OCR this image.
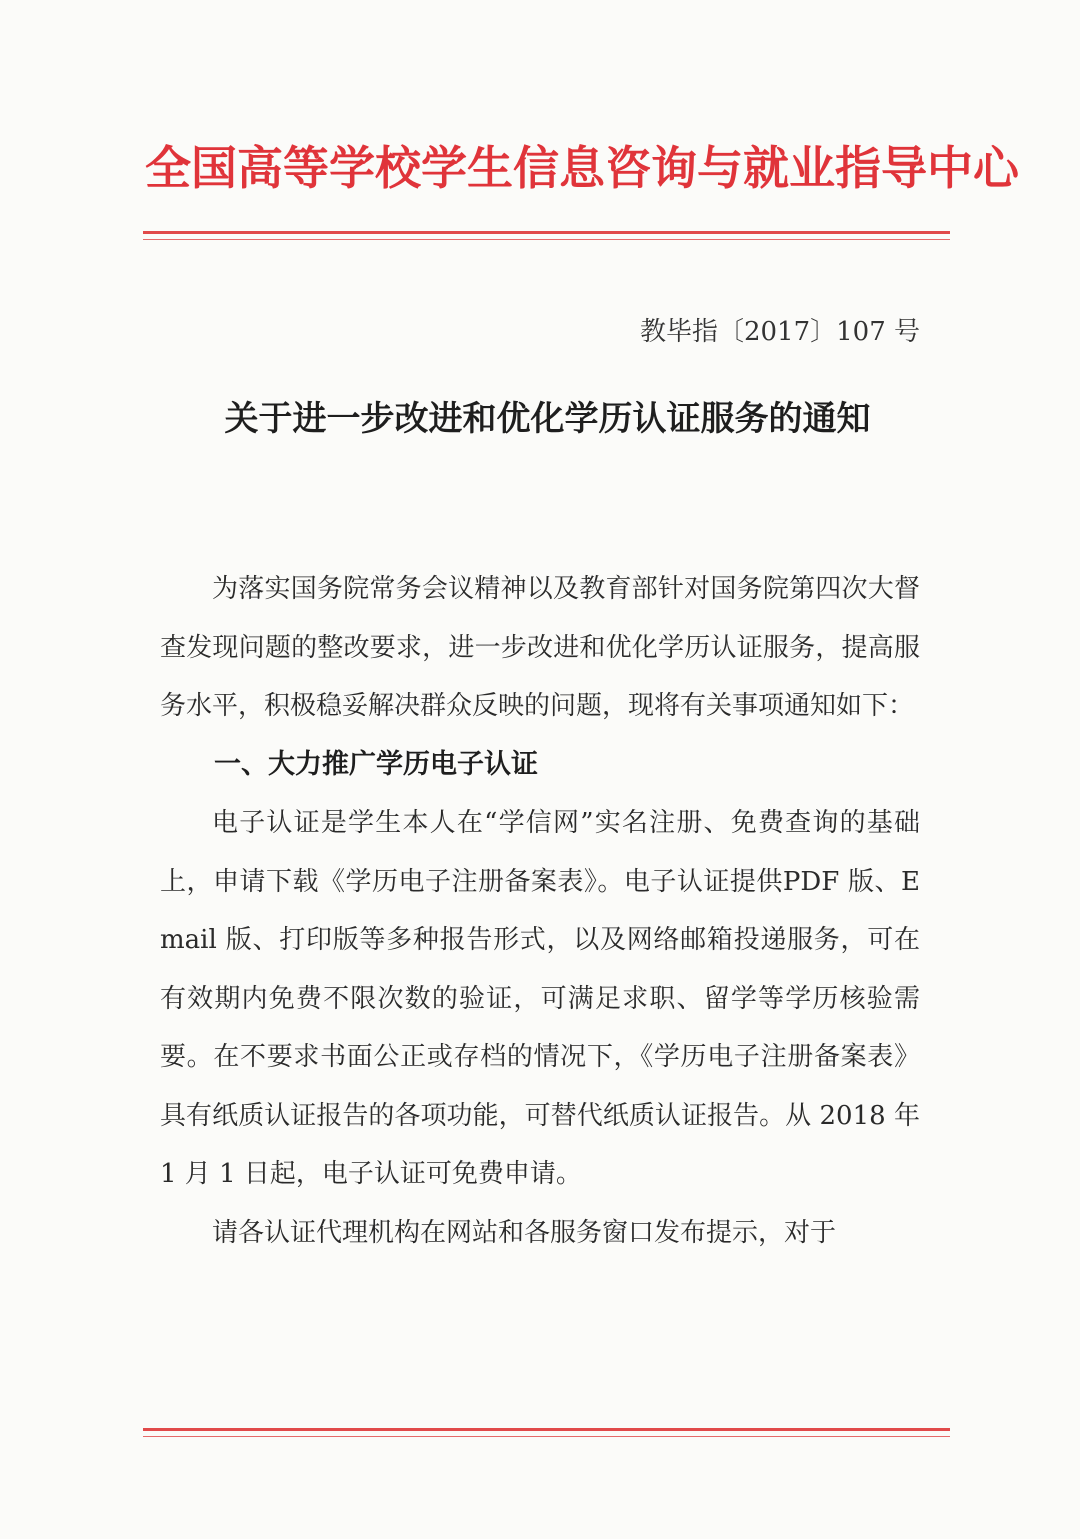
全国高等学校学生信息咨询与就业指导中心
教毕指〔2017〕107 号
关于进一步改进和优化学历认证服务的通知

为落实国务院常务会议精神以及教育部针对国务院第四次大督查发现问题的整改要求，进一步改进和优化学历认证服务，提高服务水平，积极稳妥解决群众反映的问题，现将有关事项通知如下：

一、大力推广学历电子认证

电子认证是学生本人在“学信网”实名注册、免费查询的基础上，申请下载《学历电子注册备案表》。电子认证提供PDF 版、Email 版、打印版等多种报告形式，以及网络邮箱投递服务，可在有效期内免费不限次数的验证，可满足求职、留学等学历核验需要。在不要求书面公正或存档的情况下，《学历电子注册备案表》具有纸质认证报告的各项功能，可替代纸质认证报告。从 2018 年 1 月 1 日起，电子认证可免费申请。

请各认证代理机构在网站和各服务窗口发布提示，对于
